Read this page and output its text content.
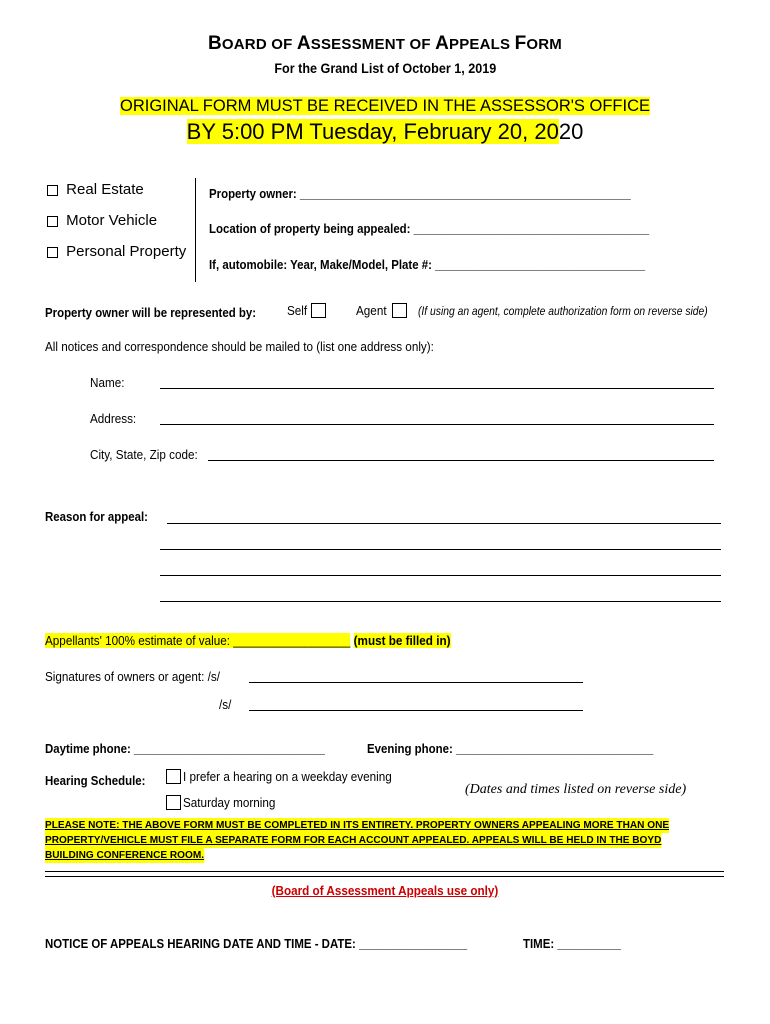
BOARD OF ASSESSMENT OF APPEALS FORM
For the Grand List of October 1, 2019
ORIGINAL FORM MUST BE RECEIVED IN THE ASSESSOR'S OFFICE
BY 5:00 PM Tuesday, February 20, 2020
Real Estate
Motor Vehicle
Personal Property
Property owner: ____________________________________________________
Location of property being appealed: _____________________________________
If, automobile: Year, Make/Model, Plate #: _________________________________
Property owner will be represented by:	Self	Agent	(If using an agent, complete authorization form on reverse side)
All notices and correspondence should be mailed to (list one address only):
Name:
Address:
City, State, Zip code:
Reason for appeal:
Appellants' 100% estimate of value: __________________ (must be filled in)
Signatures of owners or agent: /s/
/s/
Daytime phone: ______________________________	Evening phone: _______________________________
Hearing Schedule:	I prefer a hearing on a weekday evening
Saturday morning
(Dates and times listed on reverse side)
PLEASE NOTE: THE ABOVE FORM MUST BE COMPLETED IN ITS ENTIRETY. PROPERTY OWNERS APPEALING MORE THAN ONE
PROPERTY/VEHICLE MUST FILE A SEPARATE FORM FOR EACH ACCOUNT APPEALED. APPEALS WILL BE HELD IN THE BOYD
BUILDING CONFERENCE ROOM.
(Board of Assessment Appeals use only)
NOTICE OF APPEALS HEARING DATE AND TIME - DATE: _________________	TIME: __________
